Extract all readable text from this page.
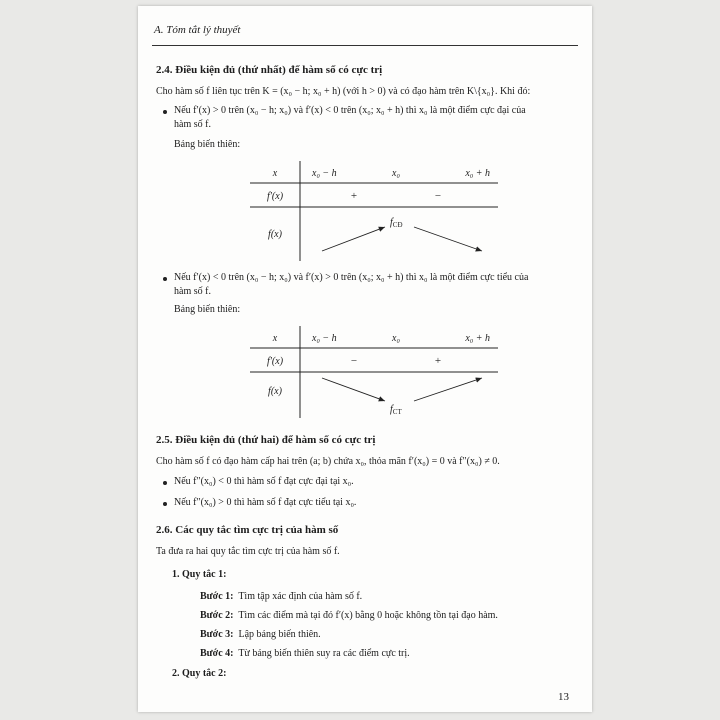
A. Tóm tắt lý thuyết
2.4. Điều kiện đủ (thứ nhất) để hàm số có cực trị
Cho hàm số f liên tục trên K = (x₀ − h; x₀ + h) (với h > 0) và có đạo hàm trên K\{x₀}. Khi đó:
Nếu f′(x) > 0 trên (x₀ − h; x₀) và f′(x) < 0 trên (x₀; x₀ + h) thì x₀ là một điểm cực đại của
hàm số f.
Bảng biến thiên:
x	x₀ − h	x₀	x₀ + h
f′(x)	+	−
f(x)
$f_{CĐ}$
Nếu f′(x) < 0 trên (x₀ − h; x₀) và f′(x) > 0 trên (x₀; x₀ + h) thì x₀ là một điểm cực tiểu của
hàm số f.
Bảng biến thiên:
x	x₀ − h	x₀	x₀ + h
f′(x)	−	+
f(x)
$f_{CT}$
2.5. Điều kiện đủ (thứ hai) để hàm số có cực trị
Cho hàm số f có đạo hàm cấp hai trên (a; b) chứa x₀, thỏa mãn f′(x₀) = 0 và f″(x₀) ≠ 0.
Nếu f″(x₀) < 0 thì hàm số f đạt cực đại tại x₀.
Nếu f″(x₀) > 0 thì hàm số f đạt cực tiểu tại x₀.
2.6. Các quy tắc tìm cực trị của hàm số
Ta đưa ra hai quy tắc tìm cực trị của hàm số f.
1. Quy tắc 1:
Bước 1: Tìm tập xác định của hàm số f.
Bước 2: Tìm các điểm mà tại đó f′(x) bằng 0 hoặc không tồn tại đạo hàm.
Bước 3: Lập bảng biến thiên.
Bước 4: Từ bảng biến thiên suy ra các điểm cực trị.
2. Quy tắc 2:
13
